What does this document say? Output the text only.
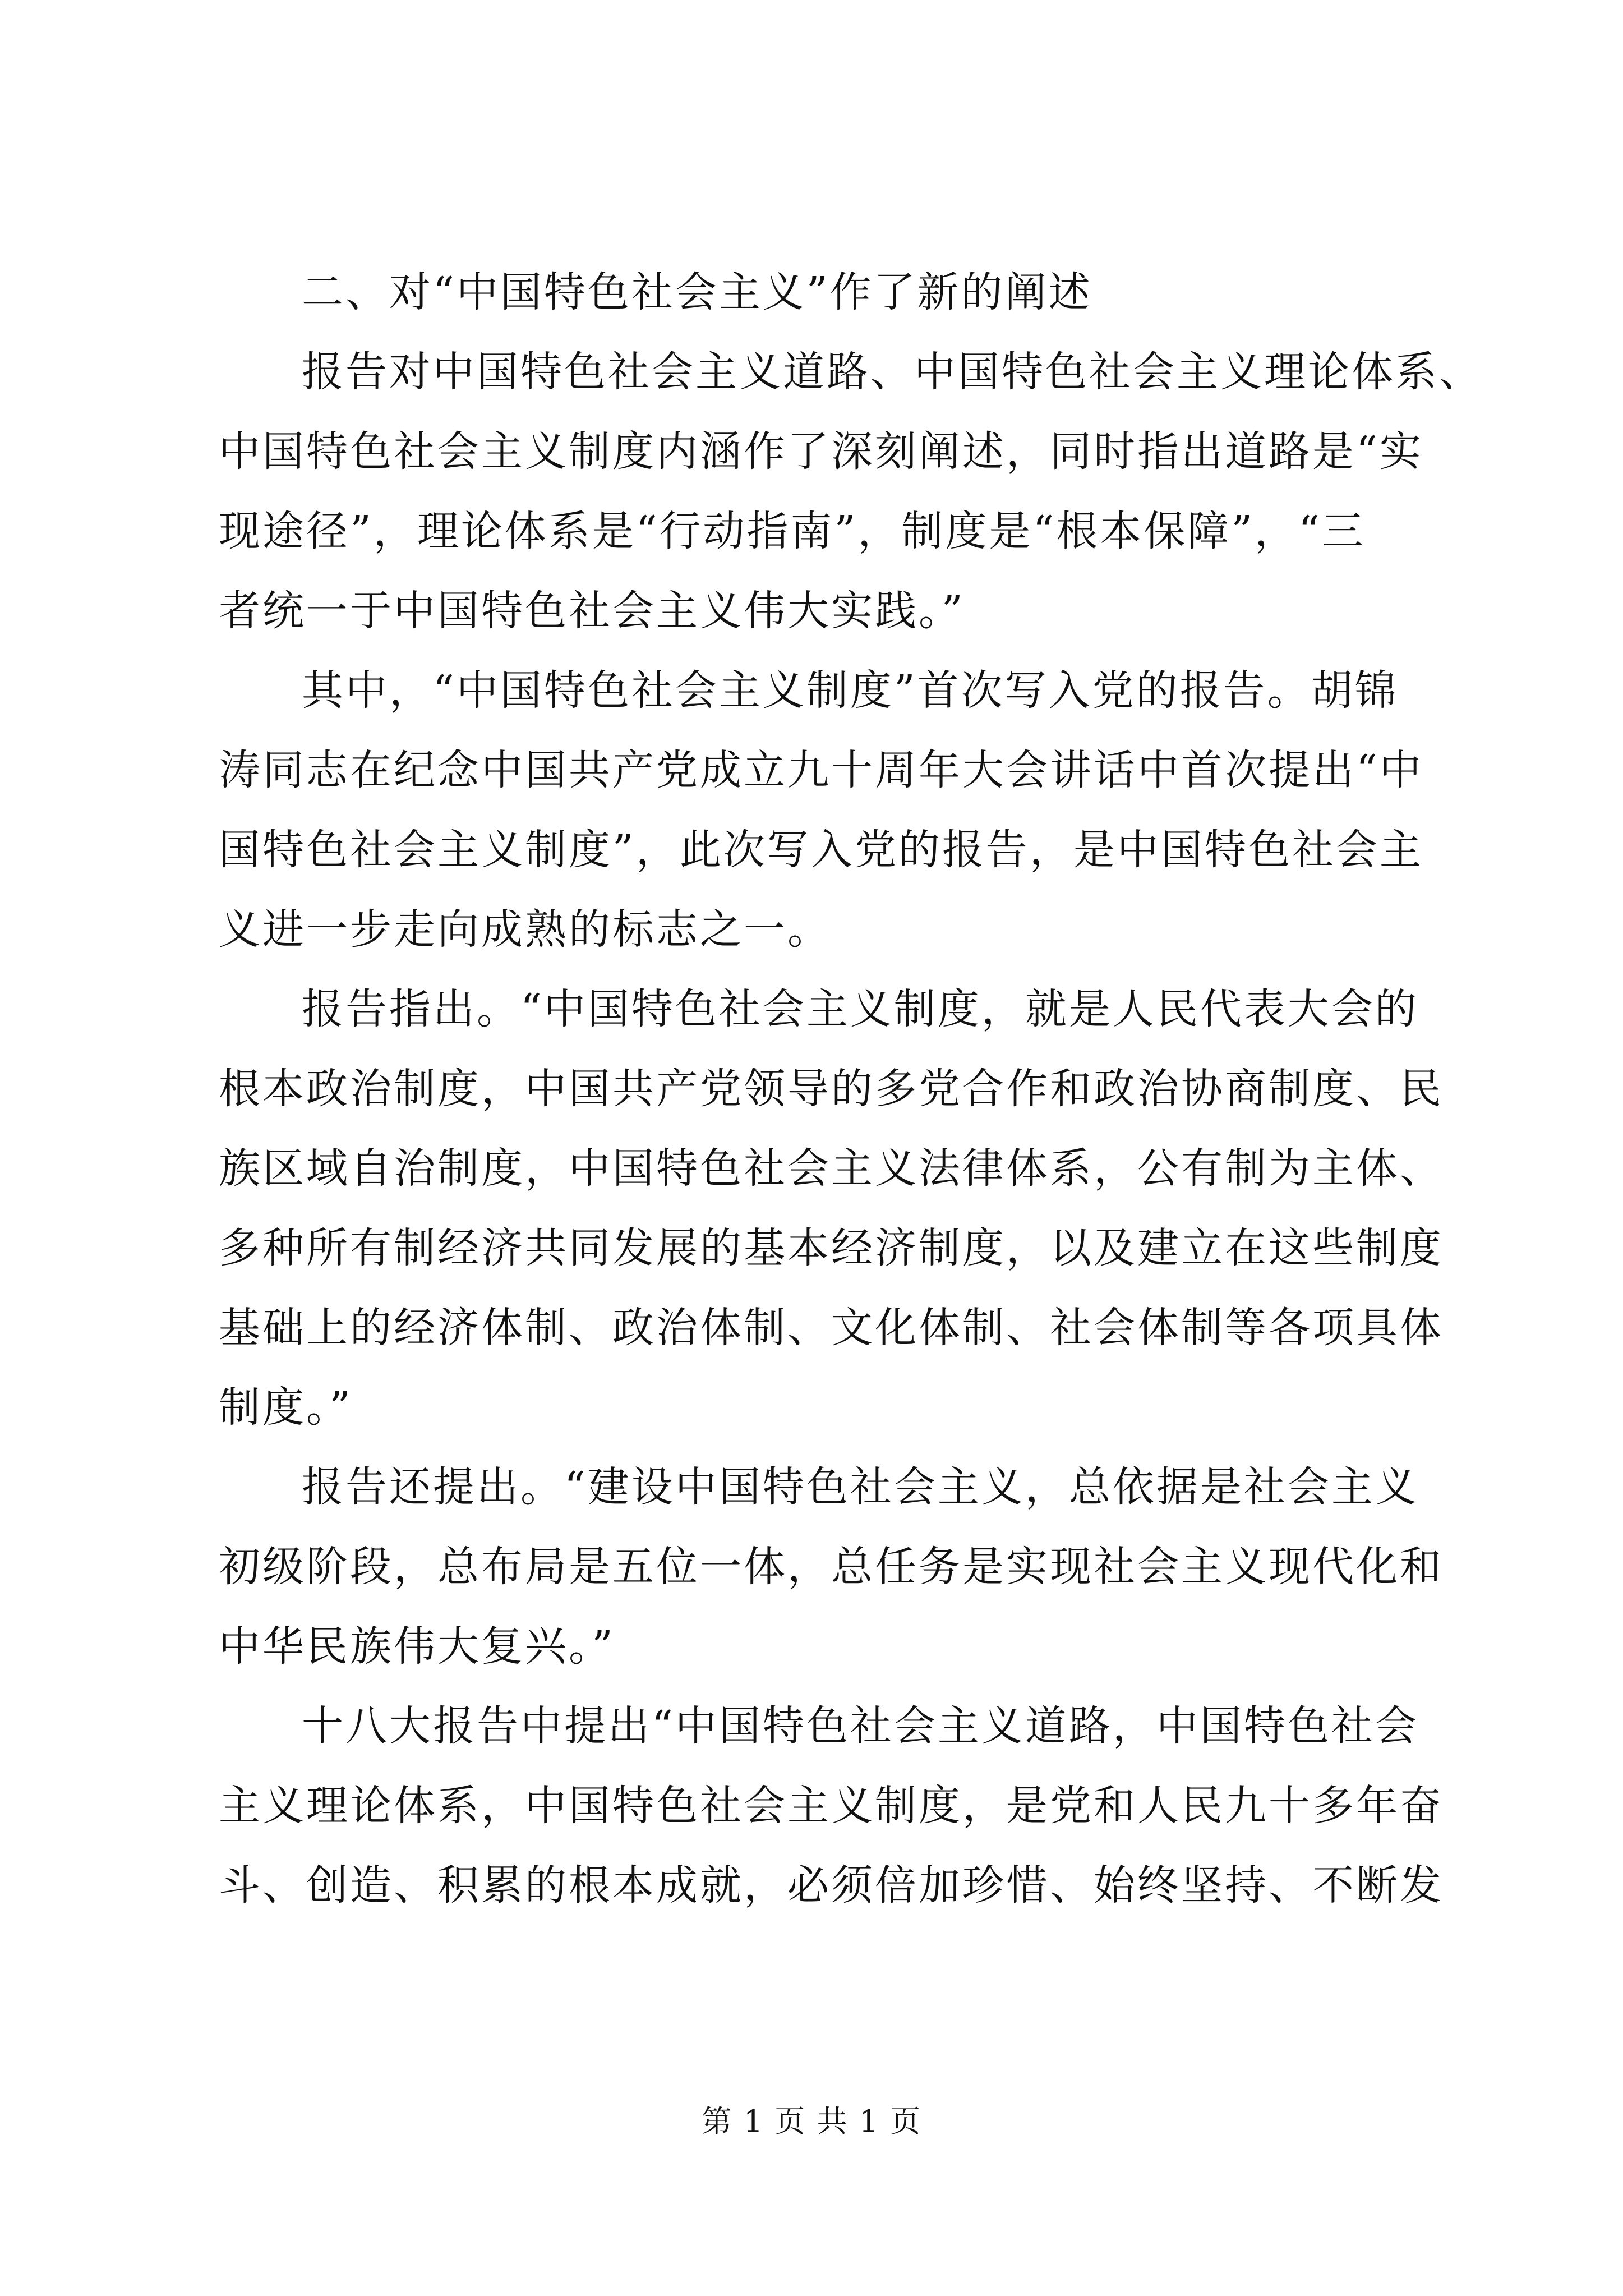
二、对“中国特色社会主义”作了新的阐述
报告对中国特色社会主义道路、中国特色社会主义理论体系、
中国特色社会主义制度内涵作了深刻阐述，同时指出道路是“实
现途径”，理论体系是“行动指南”，制度是“根本保障”，“三
者统一于中国特色社会主义伟大实践。”
其中，“中国特色社会主义制度”首次写入党的报告。胡锦
涛同志在纪念中国共产党成立九十周年大会讲话中首次提出“中
国特色社会主义制度”，此次写入党的报告，是中国特色社会主
义进一步走向成熟的标志之一。
报告指出。“中国特色社会主义制度，就是人民代表大会的
根本政治制度，中国共产党领导的多党合作和政治协商制度、民
族区域自治制度，中国特色社会主义法律体系，公有制为主体、
多种所有制经济共同发展的基本经济制度，以及建立在这些制度
基础上的经济体制、政治体制、文化体制、社会体制等各项具体
制度。”
报告还提出。“建设中国特色社会主义，总依据是社会主义
初级阶段，总布局是五位一体，总任务是实现社会主义现代化和
中华民族伟大复兴。”
十八大报告中提出“中国特色社会主义道路，中国特色社会
主义理论体系，中国特色社会主义制度，是党和人民九十多年奋
斗、创造、积累的根本成就，必须倍加珍惜、始终坚持、不断发
第 1 页 共 1 页
